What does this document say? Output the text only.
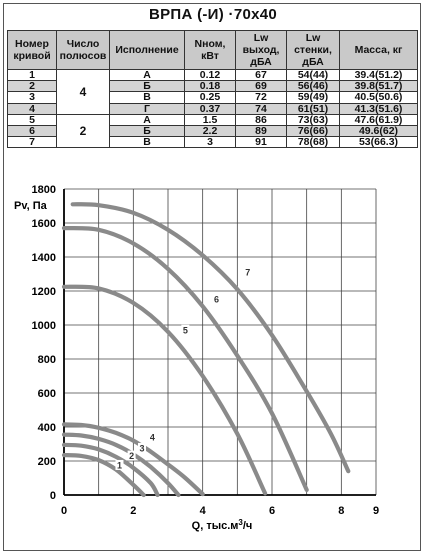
ВРПА (-И) ·70х40
Номер кривой	Число полюсов	Исполнение	Nном, кВт	Lw выход, дБА	Lw стенки, дБА	Масса, кг
1	4	А	0.12	67	54(44)	39.4(51.2)
2		Б	0.18	69	56(46)	39.8(51.7)
3		В	0.25	72	59(49)	40.5(50.6)
4		Г	0.37	74	61(51)	41.3(51.6)
5	2	А	1.5	86	73(63)	47.6(61.9)
6		Б	2.2	89	76(66)	49.6(62)
7		В	3	91	78(68)	53(66.3)
0
200
400
600
800
1000
1200
1400
1600
1800
0	2	4	6	8	9
1
2
3
4
5
6
7
Pv, Па
Q, $тыс.м^3/ч$
